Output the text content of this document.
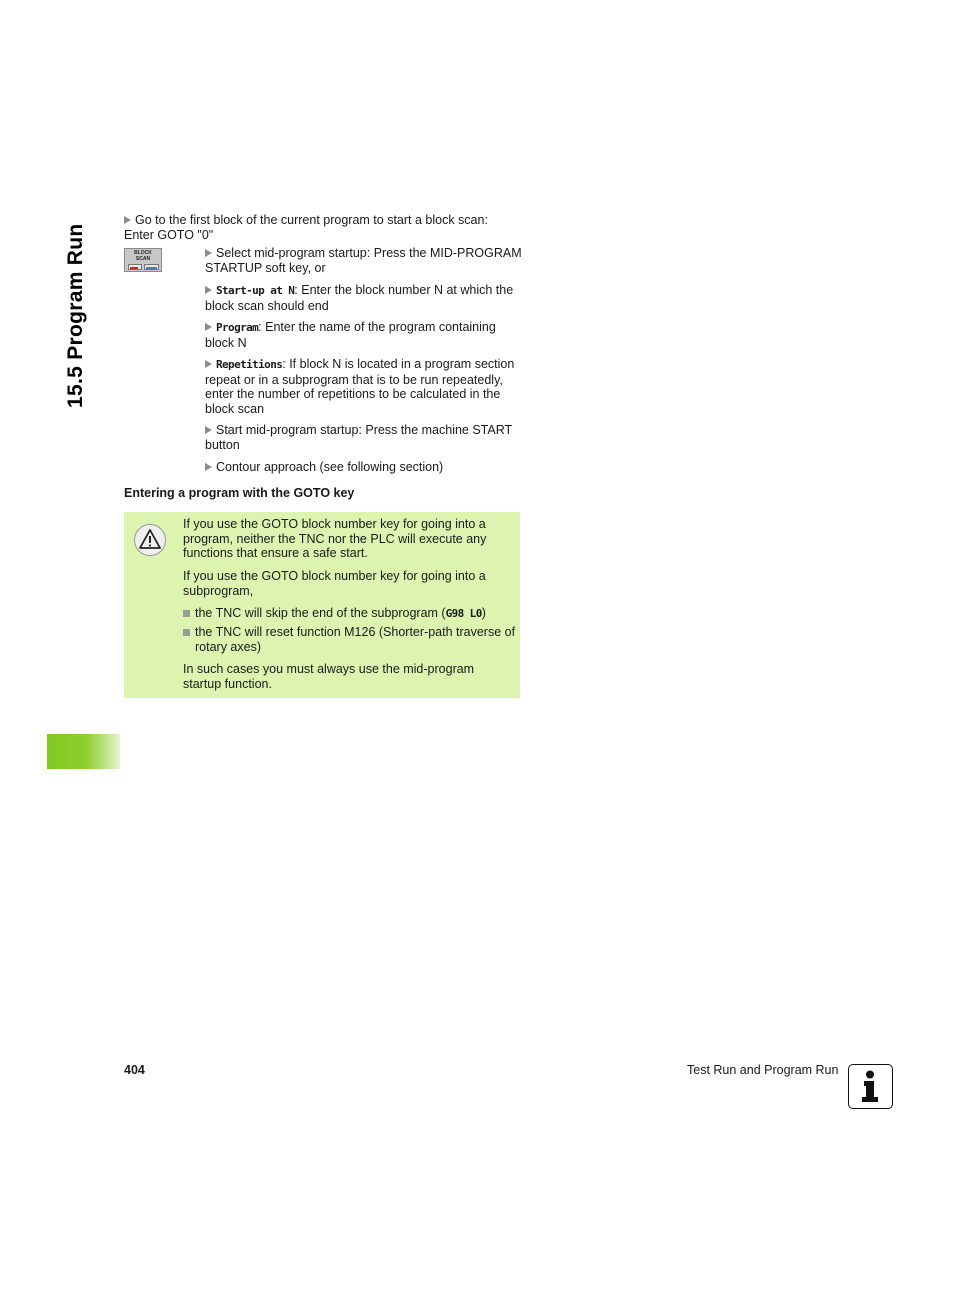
15.5 Program Run
Go to the first block of the current program to start a block scan: Enter GOTO "0"
BLOCK
SCAN	Select mid-program startup: Press the MID-PROGRAM STARTUP soft key, or
Start-up at N: Enter the block number N at which the block scan should end
Program: Enter the name of the program containing block N
Repetitions: If block N is located in a program section repeat or in a subprogram that is to be run repeatedly, enter the number of repetitions to be calculated in the block scan
Start mid-program startup: Press the machine START button
Contour approach (see following section)
Entering a program with the GOTO key
If you use the GOTO block number key for going into a program, neither the TNC nor the PLC will execute any functions that ensure a safe start.
If you use the GOTO block number key for going into a subprogram,
the TNC will skip the end of the subprogram (G98 L0)
the TNC will reset function M126 (Shorter-path traverse of rotary axes)
In such cases you must always use the mid-program startup function.
404	Test Run and Program Run
